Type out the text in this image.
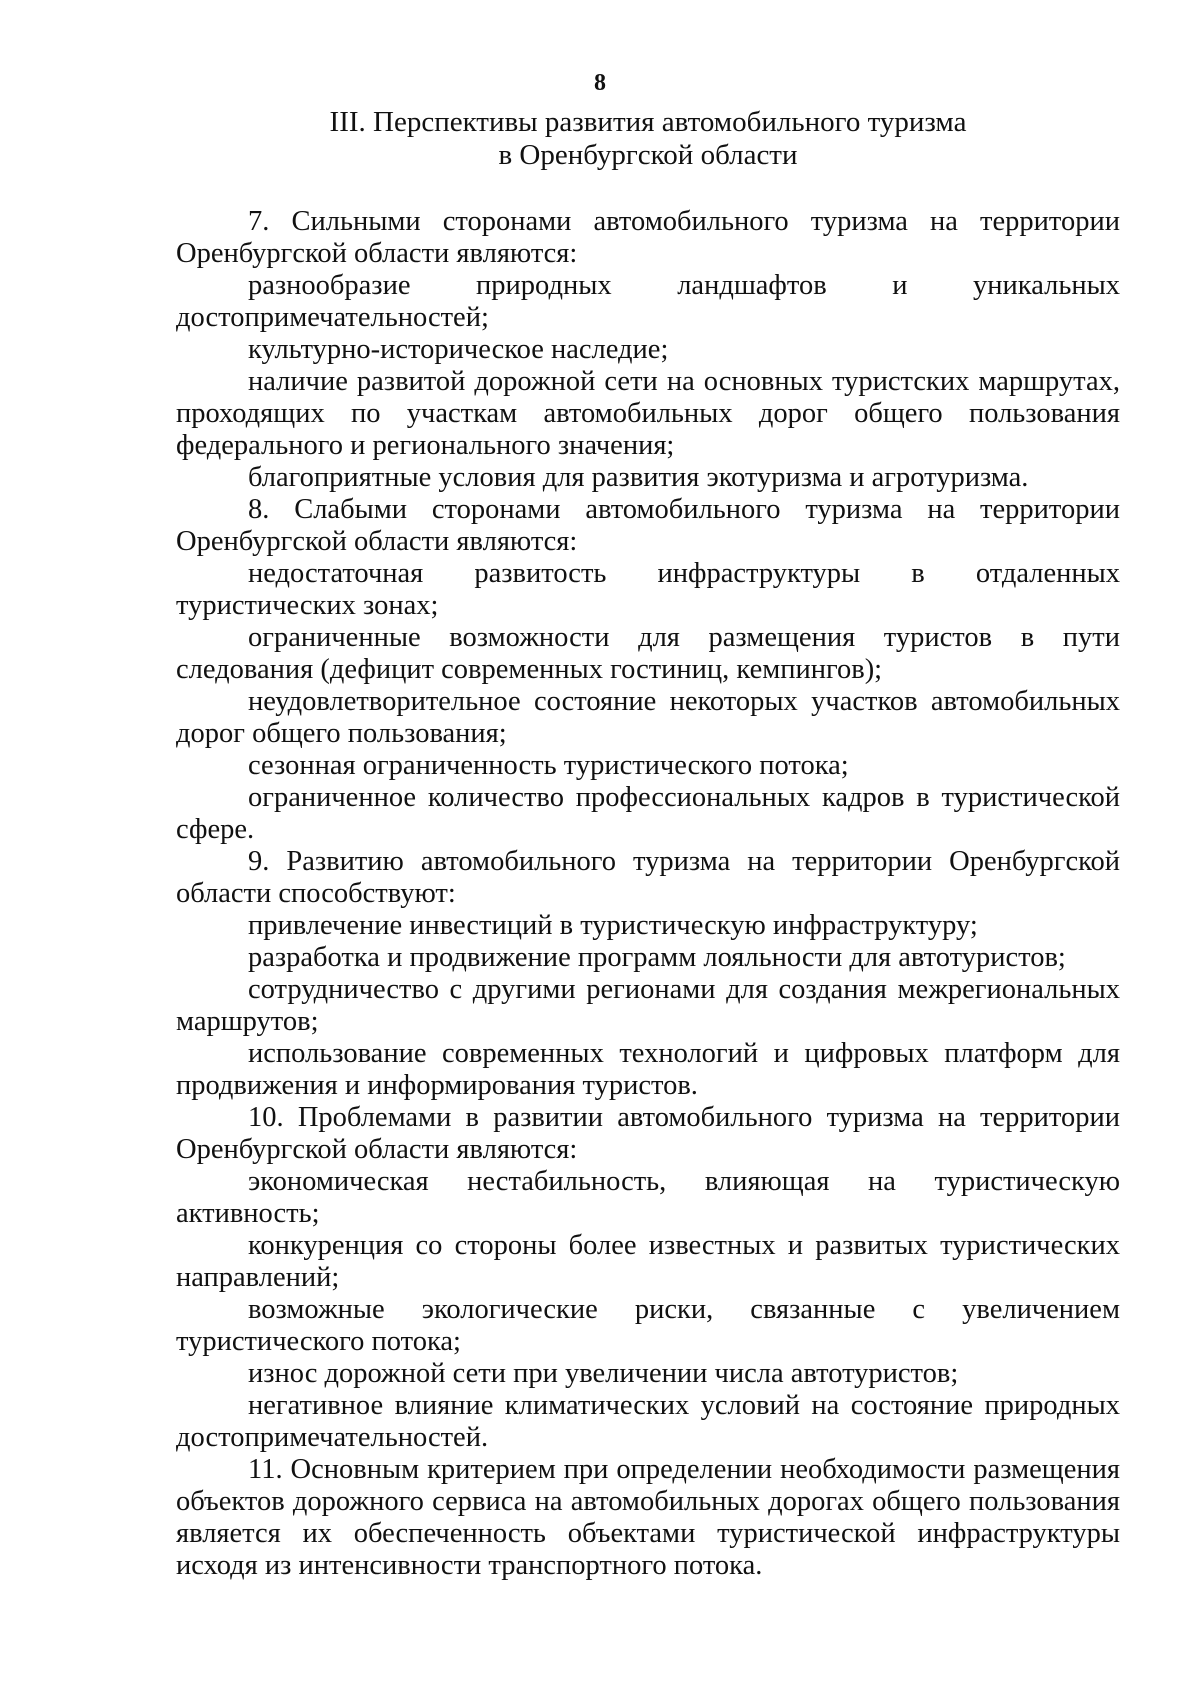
8
III. Перспективы развития автомобильного туризма
в Оренбургской области

7. Сильными сторонами автомобильного туризма на территории Оренбургской области являются:

разнообразие природных ландшафтов и уникальных достопримечательностей;

культурно-историческое наследие;

наличие развитой дорожной сети на основных туристских маршрутах, проходящих по участкам автомобильных дорог общего пользования федерального и регионального значения;

благоприятные условия для развития экотуризма и агротуризма.

8. Слабыми сторонами автомобильного туризма на территории Оренбургской области являются:

недостаточная развитость инфраструктуры в отдаленных туристических зонах;

ограниченные возможности для размещения туристов в пути следования (дефицит современных гостиниц, кемпингов);

неудовлетворительное состояние некоторых участков автомобильных дорог общего пользования;

сезонная ограниченность туристического потока;

ограниченное количество профессиональных кадров в туристической сфере.

9. Развитию автомобильного туризма на территории Оренбургской области способствуют:

привлечение инвестиций в туристическую инфраструктуру;

разработка и продвижение программ лояльности для автотуристов;

сотрудничество с другими регионами для создания межрегиональных маршрутов;

использование современных технологий и цифровых платформ для продвижения и информирования туристов.

10. Проблемами в развитии автомобильного туризма на территории Оренбургской области являются:

экономическая нестабильность, влияющая на туристическую активность;

конкуренция со стороны более известных и развитых туристических направлений;

возможные экологические риски, связанные с увеличением туристического потока;

износ дорожной сети при увеличении числа автотуристов;

негативное влияние климатических условий на состояние природных достопримечательностей.

11. Основным критерием при определении необходимости размещения объектов дорожного сервиса на автомобильных дорогах общего пользования является их обеспеченность объектами туристической инфраструктуры исходя из интенсивности транспортного потока.
